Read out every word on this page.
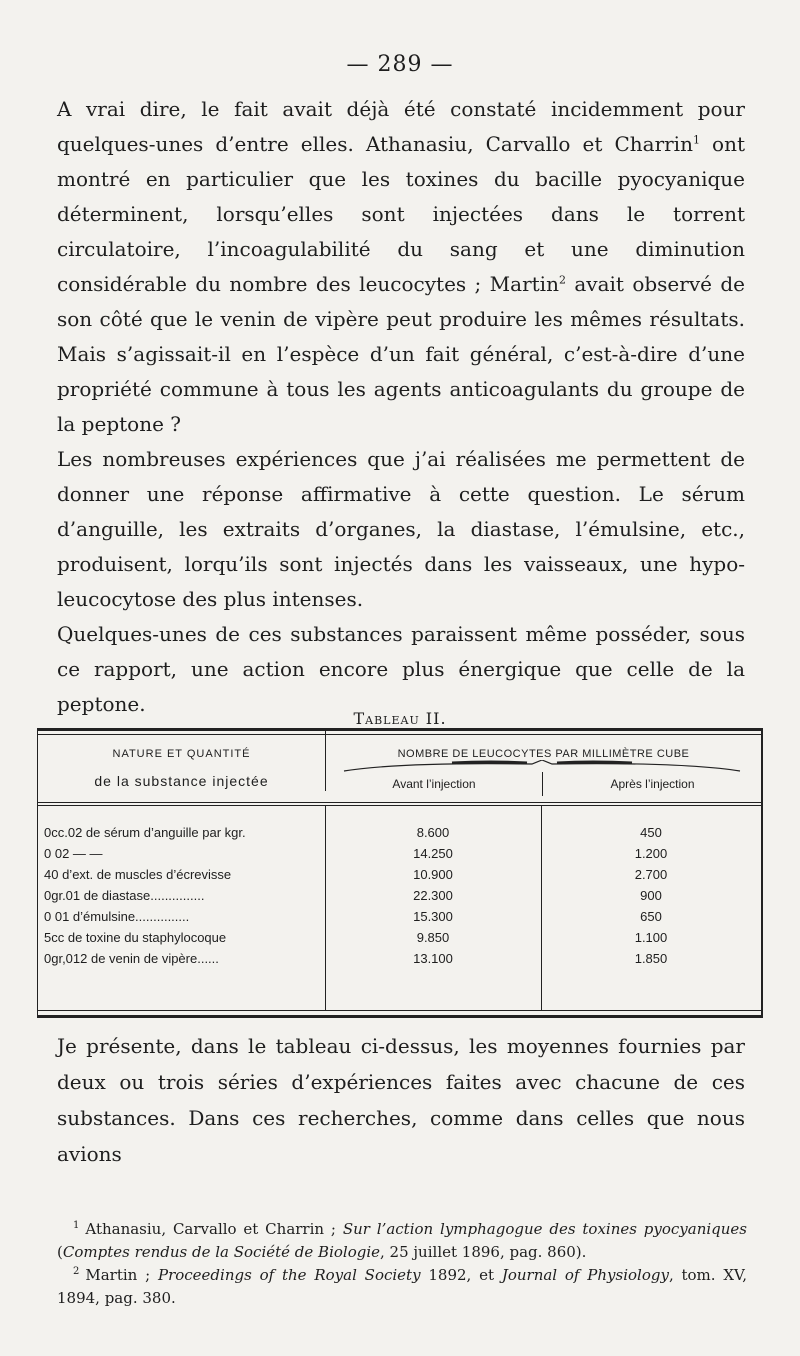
— 289 —

A vrai dire, le fait avait déjà été constaté incidemment pour quelques-unes d’entre elles. Athanasiu, Carvallo et Charrin$^1$ ont montré en particulier que les toxines du bacille pyocyanique déterminent, lorsqu’elles sont injectées dans le torrent circulatoire, l’incoagulabilité du sang et une diminution considérable du nombre des leucocytes ; Martin$^2$ avait observé de son côté que le venin de vipère peut produire les mêmes résultats. Mais s’agissait-il en l’espèce d’un fait général, c’est-à-dire d’une propriété commune à tous les agents anticoagulants du groupe de la peptone ?

Les nombreuses expériences que j’ai réalisées me permettent de donner une réponse affirmative à cette question. Le sérum d’anguille, les extraits d’organes, la diastase, l’émulsine, etc., produisent, lorqu’ils sont injectés dans les vaisseaux, une hypo-leucocytose des plus intenses.

Quelques-unes de ces substances paraissent même posséder, sous ce rapport, une action encore plus énergique que celle de la peptone.

Tableau II.
NATURE ET QUANTITÉ
de la substance injectée
NOMBRE DE LEUCOCYTES PAR MILLIMÈTRE CUBE
Avant l’injection	Après l’injection
0cc.02 de sérum d’anguille par kgr.	8.600	450
0 02 — —	14.250	1.200
40 d’ext. de muscles d’écrevisse	10.900	2.700
0gr.01 de diastase...............	22.300	900
0 01 d’émulsine...............	15.300	650
5cc de toxine du staphylocoque	9.850	1.100
0gr,012 de venin de vipère......	13.100	1.850

Je présente, dans le tableau ci-dessus, les moyennes fournies par deux ou trois séries d’expériences faites avec chacune de ces substances. Dans ces recherches, comme dans celles que nous avions

$^1$ Athanasiu, Carvallo et Charrin ; Sur l’action lymphagogue des toxines pyocyaniques (Comptes rendus de la Société de Biologie, 25 juillet 1896, pag. 860).

$^2$ Martin ; Proceedings of the Royal Society 1892, et Journal of Physiology, tom. XV, 1894, pag. 380.
